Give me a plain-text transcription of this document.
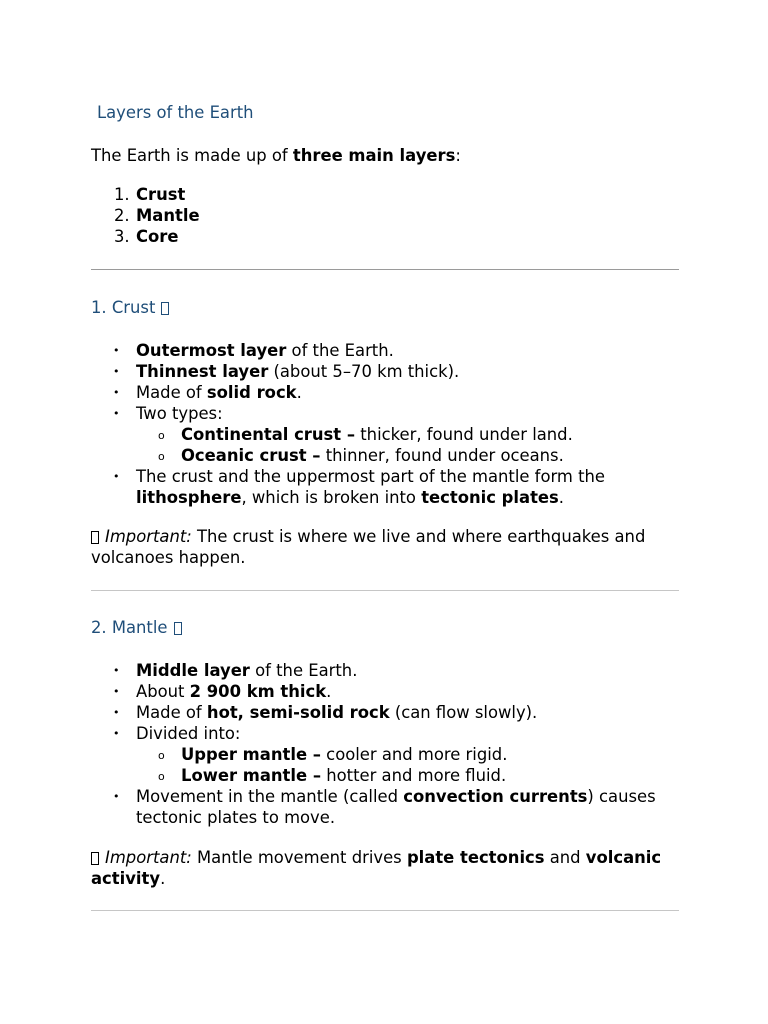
Layers of the Earth

The Earth is made up of three main layers:

1. Crust
2. Mantle
3. Core
1. Crust
• Outermost layer of the Earth.
• Thinnest layer (about 5–70 km thick).
• Made of solid rock.
• Two types:
o Continental crust – thicker, found under land.
o Oceanic crust – thinner, found under oceans.
• The crust and the uppermost part of the mantle form the lithosphere, which is broken into tectonic plates.

Important: The crust is where we live and where earthquakes and volcanoes happen.

2. Mantle
• Middle layer of the Earth.
• About 2 900 km thick.
• Made of hot, semi-solid rock (can flow slowly).
• Divided into:
o Upper mantle – cooler and more rigid.
o Lower mantle – hotter and more fluid.
• Movement in the mantle (called convection currents) causes tectonic plates to move.

Important: Mantle movement drives plate tectonics and volcanic activity.
